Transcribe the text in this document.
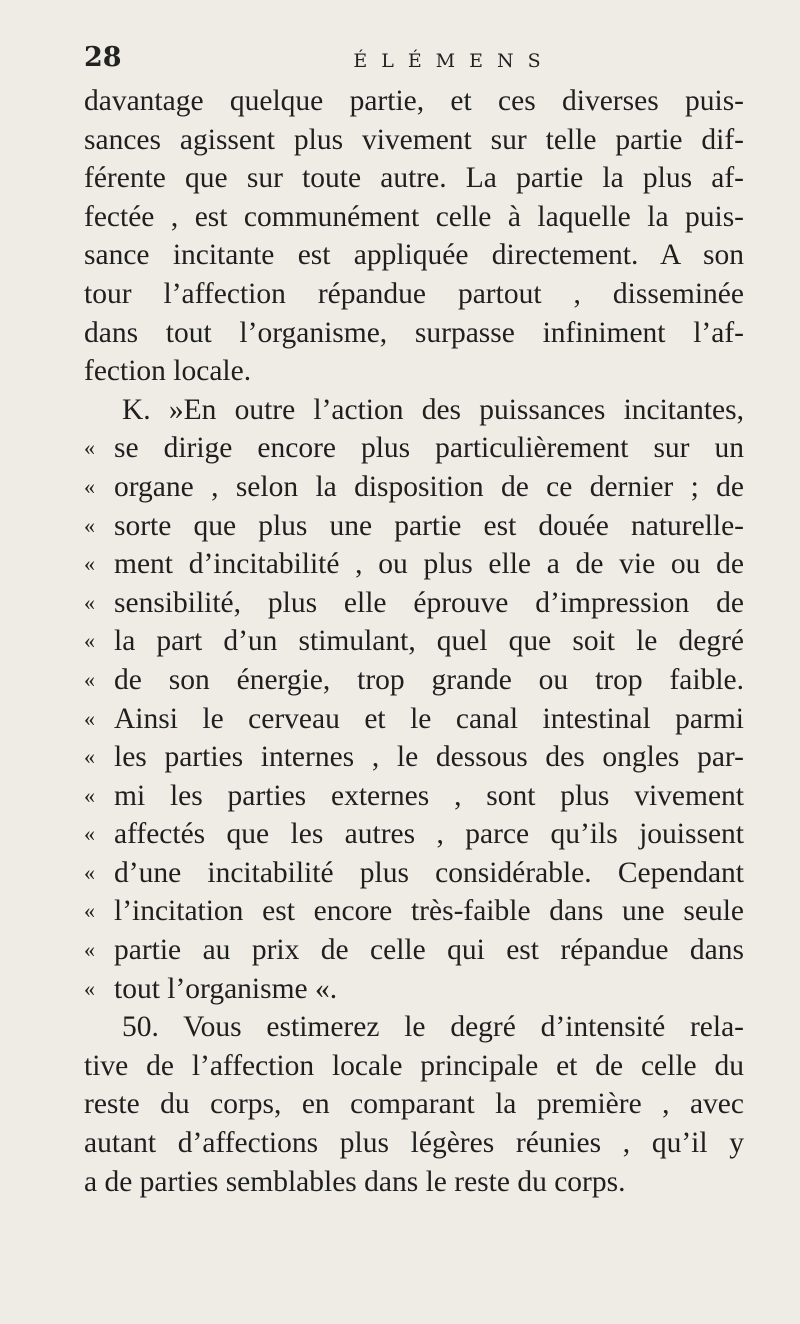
28	ÉLÉMENS
davantage quelque partie, et ces diverses puis-
sances agissent plus vivement sur telle partie dif-
férente que sur toute autre. La partie la plus af-
fectée , est communément celle à laquelle la puis-
sance incitante est appliquée directement. A son
tour l’affection répandue partout , disseminée
dans tout l’organisme, surpasse infiniment l’af-
fection locale.
K. »En outre l’action des puissances incitantes,
« se dirige encore plus particulièrement sur un
« organe , selon la disposition de ce dernier ; de
« sorte que plus une partie est douée naturelle-
« ment d’incitabilité , ou plus elle a de vie ou de
« sensibilité, plus elle éprouve d’impression de
« la part d’un stimulant, quel que soit le degré
« de son énergie, trop grande ou trop faible.
« Ainsi le cerveau et le canal intestinal parmi
« les parties internes , le dessous des ongles par-
« mi les parties externes , sont plus vivement
« affectés que les autres , parce qu’ils jouissent
« d’une incitabilité plus considérable. Cependant
« l’incitation est encore très-faible dans une seule
« partie au prix de celle qui est répandue dans
« tout l’organisme «.
50. Vous estimerez le degré d’intensité rela-
tive de l’affection locale principale et de celle du
reste du corps, en comparant la première , avec
autant d’affections plus légères réunies , qu’il y
a de parties semblables dans le reste du corps.
